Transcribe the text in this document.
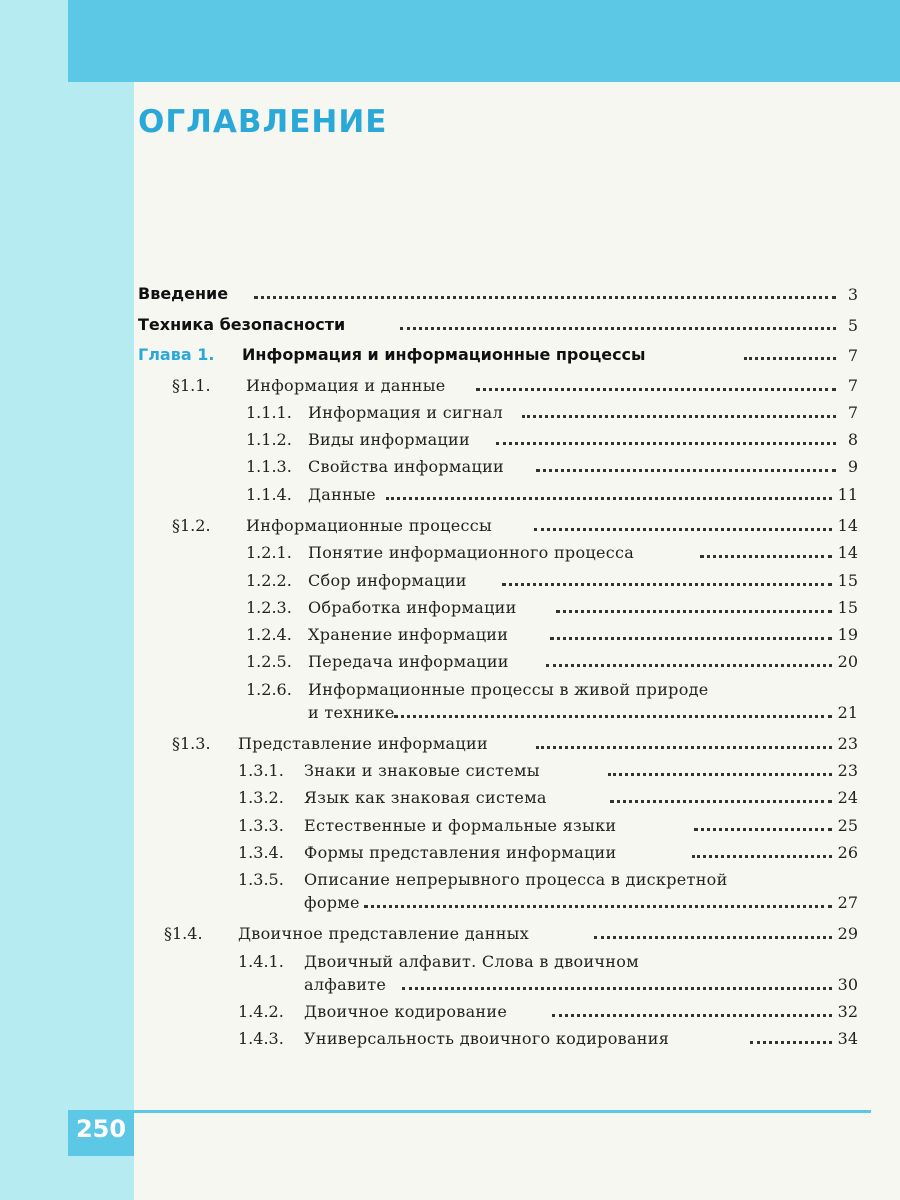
ОГЛАВЛЕНИЕ
Введение	3
Техника безопасности	5
Глава 1. Информация и информационные процессы	7
§1.1. Информация и данные	7
1.1.1. Информация и сигнал	7
1.1.2. Виды информации	8
1.1.3. Свойства информации	9
1.1.4. Данные	11
§1.2. Информационные процессы	14
1.2.1. Понятие информационного процесса	14
1.2.2. Сбор информации	15
1.2.3. Обработка информации	15
1.2.4. Хранение информации	19
1.2.5. Передача информации	20
1.2.6. Информационные процессы в живой природе
и технике	21
§1.3. Представление информации	23
1.3.1. Знаки и знаковые системы	23
1.3.2. Язык как знаковая система	24
1.3.3. Естественные и формальные языки	25
1.3.4. Формы представления информации	26
1.3.5. Описание непрерывного процесса в дискретной
форме	27
§1.4. Двоичное представление данных	29
1.4.1. Двоичный алфавит. Слова в двоичном
алфавите	30
1.4.2. Двоичное кодирование	32
1.4.3. Универсальность двоичного кодирования	34
250
